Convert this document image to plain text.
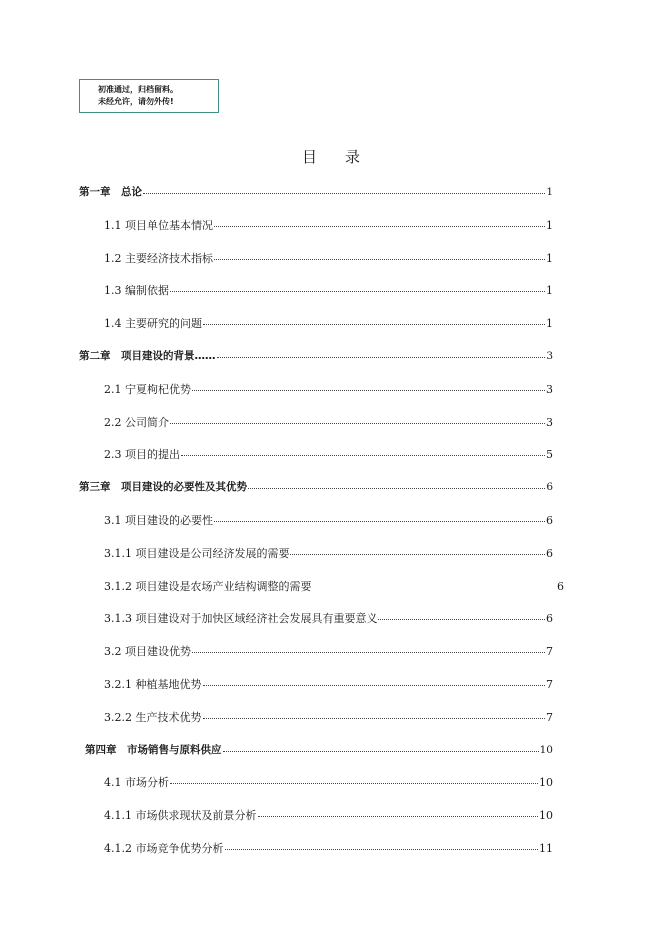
初准通过，归档留料。
未经允许，请勿外传!
目录
第一章　总论	1
1.1 项目单位基本情况	1
1.2 主要经济技术指标	1
1.3 编制依据	1
1.4 主要研究的问题	1
第二章　项目建设的背景……	3
2.1 宁夏枸杞优势	3
2.2 公司简介	3
2.3 项目的提出	5
第三章　项目建设的必要性及其优势	6
3.1 项目建设的必要性	6
3.1.1 项目建设是公司经济发展的需要	6
3.1.2 项目建设是农场产业结构调整的需要	6
3.1.3 项目建设对于加快区域经济社会发展具有重要意义	6
3.2 项目建设优势	7
3.2.1 种植基地优势	7
3.2.2 生产技术优势	7
第四章　市场销售与原料供应	10
4.1 市场分析	10
4.1.1 市场供求现状及前景分析	10
4.1.2 市场竞争优势分析	11
